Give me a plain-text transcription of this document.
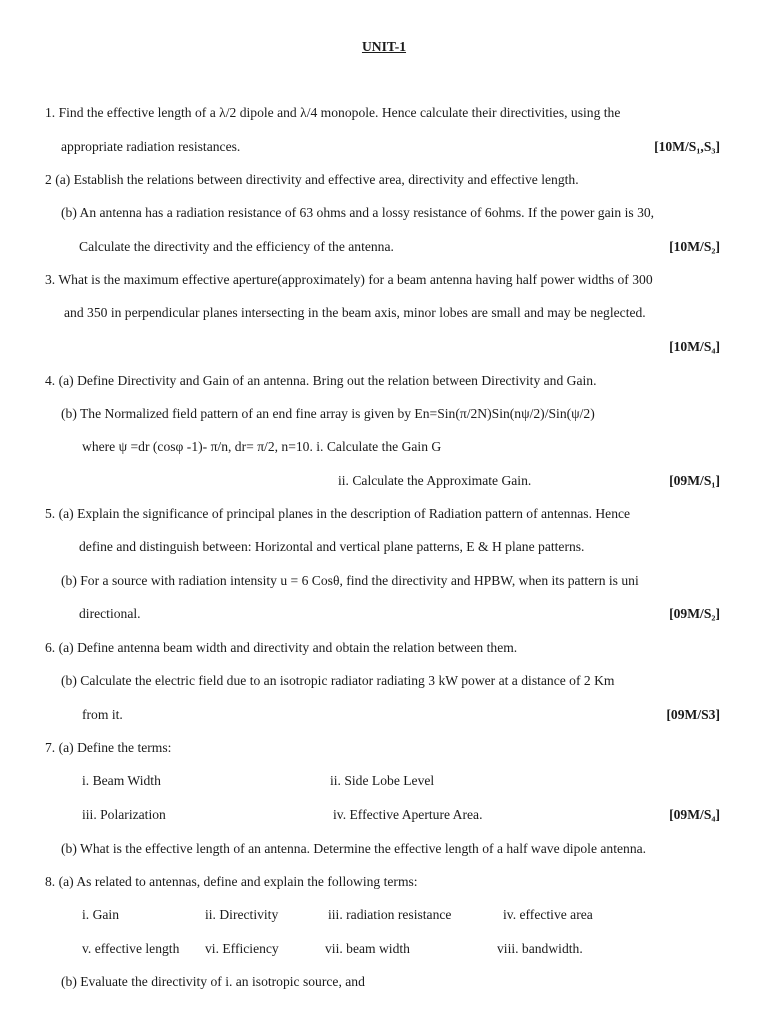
UNIT-1
1. Find the effective length of a λ/2 dipole and λ/4 monopole. Hence calculate their directivities, using the
appropriate radiation resistances.	[10M/S₁,S₃]
2 (a) Establish the relations between directivity and effective area, directivity and effective length.
(b) An antenna has a radiation resistance of 63 ohms and a lossy resistance of 6ohms. If the power gain is 30,
Calculate the directivity and the efficiency of the antenna.	[10M/S₂]
3. What is the maximum effective aperture(approximately) for a beam antenna having half power widths of 300
and 350 in perpendicular planes intersecting in the beam axis, minor lobes are small and may be neglected.
[10M/S₄]
4. (a) Define Directivity and Gain of an antenna. Bring out the relation between Directivity and Gain.
(b) The Normalized field pattern of an end fine array is given by En=Sin(π/2N)Sin(nψ/2)/Sin(ψ/2)
where ψ =dr (cosφ -1)- π/n, dr= π/2, n=10. i. Calculate the Gain G
ii. Calculate the Approximate Gain.	[09M/S₁]
5. (a) Explain the significance of principal planes in the description of Radiation pattern of antennas. Hence
define and distinguish between: Horizontal and vertical plane patterns, E & H plane patterns.
(b) For a source with radiation intensity u = 6 Cosθ, find the directivity and HPBW, when its pattern is uni
directional.	[09M/S₂]
6. (a) Define antenna beam width and directivity and obtain the relation between them.
(b) Calculate the electric field due to an isotropic radiator radiating 3 kW power at a distance of 2 Km
from it.	[09M/S3]
7. (a) Define the terms:
i. Beam Width	ii. Side Lobe Level
iii. Polarization	iv. Effective Aperture Area.	[09M/S₄]
(b) What is the effective length of an antenna. Determine the effective length of a half wave dipole antenna.
8. (a) As related to antennas, define and explain the following terms:
i. Gain	ii. Directivity	iii. radiation resistance	iv. effective area
v. effective length vi. Efficiency	vii. beam width	viii. bandwidth.
(b) Evaluate the directivity of i. an isotropic source, and
